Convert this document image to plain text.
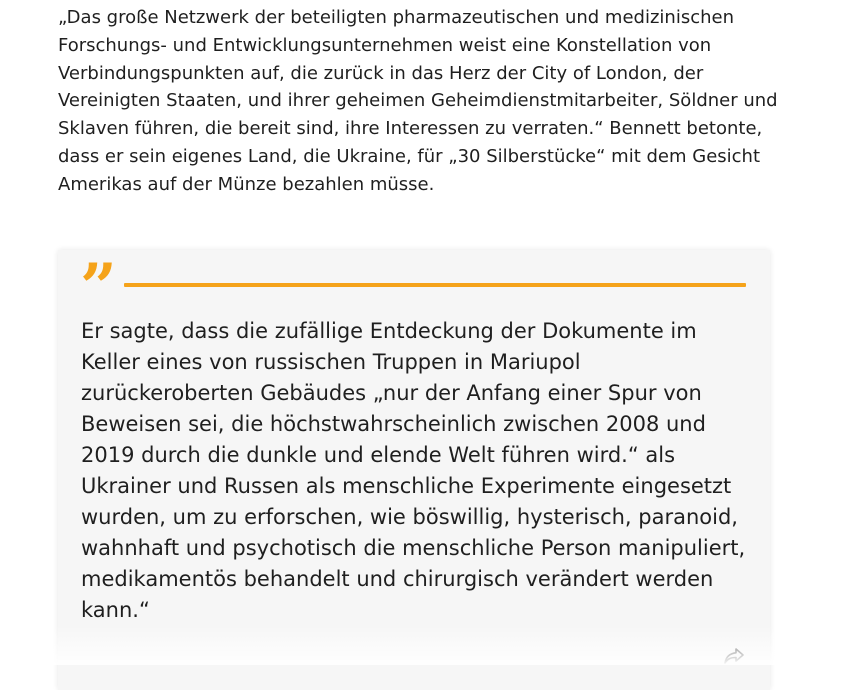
„Das große Netzwerk der beteiligten pharmazeutischen und medizinischen Forschungs- und Entwicklungsunternehmen weist eine Konstellation von Verbindungspunkten auf, die zurück in das Herz der City of London, der Vereinigten Staaten, und ihrer geheimen Geheimdienstmitarbeiter, Söldner und Sklaven führen, die bereit sind, ihre Interessen zu verraten.“ Bennett betonte, dass er sein eigenes Land, die Ukraine, für „30 Silberstücke“ mit dem Gesicht Amerikas auf der Münze bezahlen müsse.

”

Er sagte, dass die zufällige Entdeckung der Dokumente im Keller eines von russischen Truppen in Mariupol zurückeroberten Gebäudes „nur der Anfang einer Spur von Beweisen sei, die höchstwahrscheinlich zwischen 2008 und 2019 durch die dunkle und elende Welt führen wird.“ als Ukrainer und Russen als menschliche Experimente eingesetzt wurden, um zu erforschen, wie böswillig, hysterisch, paranoid, wahnhaft und psychotisch die menschliche Person manipuliert, medikamentös behandelt und chirurgisch verändert werden kann.“
